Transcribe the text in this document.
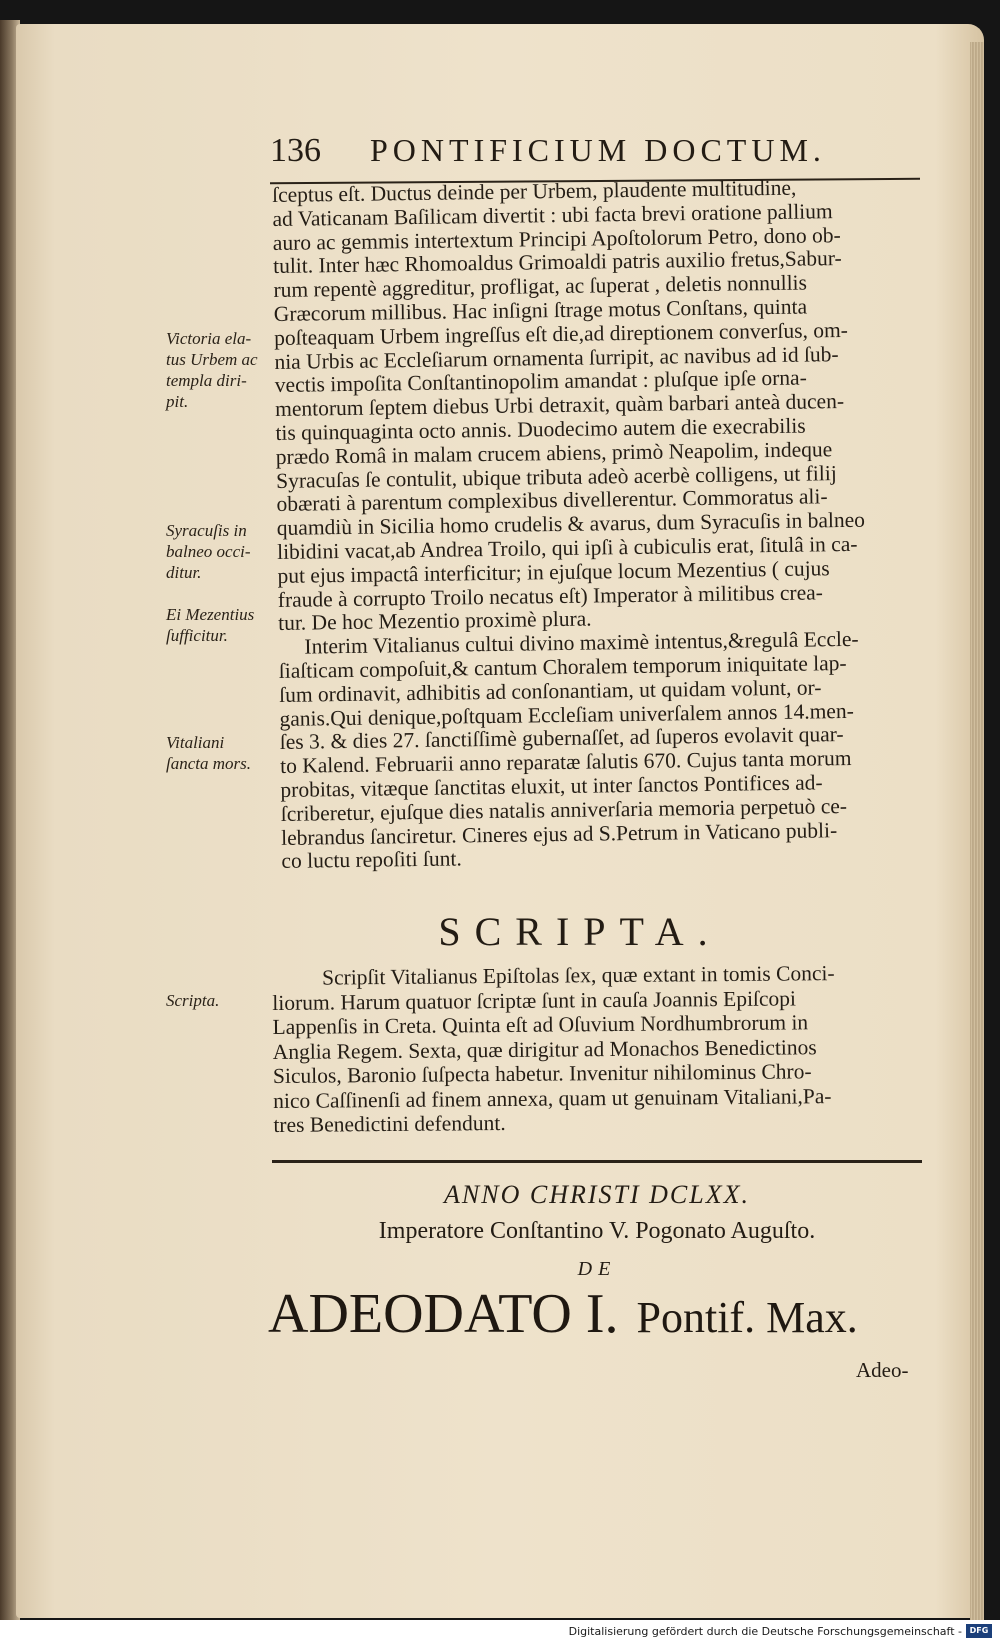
136 PONTIFICIUM DOCTUM.

ſceptus eſt. Ductus deinde per Urbem, plaudente multitudine,

ad Vaticanam Baſilicam divertit : ubi facta brevi oratione pallium

auro ac gemmis intertextum Principi Apoſtolorum Petro, dono ob-

tulit. Inter hæc Rhomoaldus Grimoaldi patris auxilio fretus,Sabur-

rum repentè aggreditur, profligat, ac ſuperat , deletis nonnullis

Græcorum millibus. Hac inſigni ſtrage motus Conſtans, quinta

poſteaquam Urbem ingreſſus eſt die,ad direptionem converſus, om-

nia Urbis ac Eccleſiarum ornamenta ſurripit, ac navibus ad id ſub-

vectis impoſita Conſtantinopolim amandat : pluſque ipſe orna-

mentorum ſeptem diebus Urbi detraxit, quàm barbari anteà ducen-

tis quinquaginta octo annis. Duodecimo autem die execrabilis

prædo Româ in malam crucem abiens, primò Neapolim, indeque

Syracuſas ſe contulit, ubique tributa adeò acerbè colligens, ut filij

obærati à parentum complexibus divellerentur. Commoratus ali-

quamdiù in Sicilia homo crudelis & avarus, dum Syracuſis in balneo

libidini vacat,ab Andrea Troilo, qui ipſi à cubiculis erat, ſitulâ in ca-

put ejus impactâ interficitur; in ejuſque locum Mezentius ( cujus

fraude à corrupto Troilo necatus eſt) Imperator à militibus crea-

tur. De hoc Mezentio proximè plura.

Interim Vitalianus cultui divino maximè intentus,&regulâ Eccle-

ſiaſticam compoſuit,& cantum Choralem temporum iniquitate lap-

ſum ordinavit, adhibitis ad conſonantiam, ut quidam volunt, or-

ganis.Qui denique,poſtquam Eccleſiam univerſalem annos 14.men-

ſes 3. & dies 27. ſanctiſſimè gubernaſſet, ad ſuperos evolavit quar-

to Kalend. Februarii anno reparatæ ſalutis 670. Cujus tanta morum

probitas, vitæque ſanctitas eluxit, ut inter ſanctos Pontifices ad-

ſcriberetur, ejuſque dies natalis anniverſaria memoria perpetuò ce-

lebrandus ſanciretur. Cineres ejus ad S.Petrum in Vaticano publi-

co luctu repoſiti ſunt.

Victoria ela-
tus Urbem ac
templa diri-
pit.
Syracuſis in
balneo occi-
ditur.
Ei Mezentius
ſufficitur.
Vitaliani
ſancta mors.
Scripta.
SCRIPTA.

Scripſit Vitalianus Epiſtolas ſex, quæ extant in tomis Conci-

liorum. Harum quatuor ſcriptæ ſunt in cauſa Joannis Epiſcopi

Lappenſis in Creta. Quinta eſt ad Oſuvium Nordhumbrorum in

Anglia Regem. Sexta, quæ dirigitur ad Monachos Benedictinos

Siculos, Baronio ſuſpecta habetur. Invenitur nihilominus Chro-

nico Caſſinenſi ad finem annexa, quam ut genuinam Vitaliani,Pa-

tres Benedictini defendunt.

ANNO CHRISTI DCLXX.
Imperatore Conſtantino V. Pogonato Auguſto.
DE
ADEODATO I. Pontif. Max.
Adeo-
Digitalisierung gefördert durch die Deutsche Forschungsgemeinschaft - DFG
